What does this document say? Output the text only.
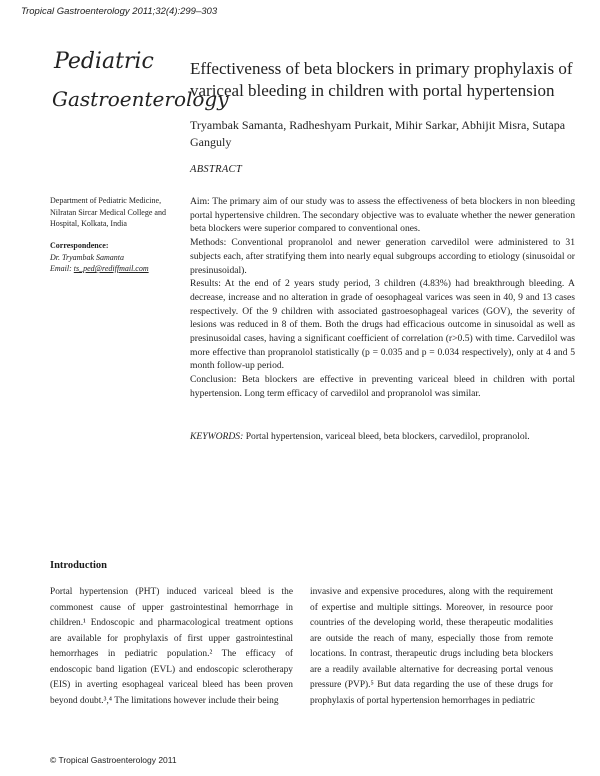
Tropical Gastroenterology 2011;32(4):299–303
Pediatric
Gastroenterology
Effectiveness of beta blockers in primary prophylaxis of variceal bleeding in children with portal hypertension
Tryambak Samanta, Radheshyam Purkait, Mihir Sarkar, Abhijit Misra, Sutapa Ganguly
ABSTRACT
Department of Pediatric Medicine, Nilratan Sircar Medical College and Hospital, Kolkata, India
Correspondence:
Dr. Tryambak Samanta
Email: ts_ped@rediffmail.com

Aim: The primary aim of our study was to assess the effectiveness of beta blockers in non bleeding portal hypertensive children. The secondary objective was to evaluate whether the newer generation beta blockers were superior compared to conventional ones.

Methods: Conventional propranolol and newer generation carvedilol were administered to 31 subjects each, after stratifying them into nearly equal subgroups according to etiology (sinusoidal or presinusoidal).

Results: At the end of 2 years study period, 3 children (4.83%) had breakthrough bleeding. A decrease, increase and no alteration in grade of oesophageal varices was seen in 40, 9 and 13 cases respectively. Of the 9 children with associated gastroesophageal varices (GOV), the severity of lesions was reduced in 8 of them. Both the drugs had efficacious outcome in sinusoidal as well as presinusoidal cases, having a significant coefficient of correlation (r>0.5) with time. Carvedilol was more effective than propranolol statistically (p = 0.035 and p = 0.034 respectively), only at 4 and 5 month follow-up period.

Conclusion: Beta blockers are effective in preventing variceal bleed in children with portal hypertension. Long term efficacy of carvedilol and propranolol was similar.

KEYWORDS: Portal hypertension, variceal bleed, beta blockers, carvedilol, propranolol.
Introduction
Portal hypertension (PHT) induced variceal bleed is the commonest cause of upper gastrointestinal hemorrhage in children.¹ Endoscopic and pharmacological treatment options are available for prophylaxis of first upper gastrointestinal hemorrhages in pediatric population.² The efficacy of endoscopic band ligation (EVL) and endoscopic sclerotherapy (EIS) in averting esophageal variceal bleed has been proven beyond doubt.³,⁴ The limitations however include their being
invasive and expensive procedures, along with the requirement of expertise and multiple sittings. Moreover, in resource poor countries of the developing world, these therapeutic modalities are outside the reach of many, especially those from remote locations. In contrast, therapeutic drugs including beta blockers are a readily available alternative for decreasing portal venous pressure (PVP).⁵ But data regarding the use of these drugs for prophylaxis of portal hypertension hemorrhages in pediatric
© Tropical Gastroenterology 2011
